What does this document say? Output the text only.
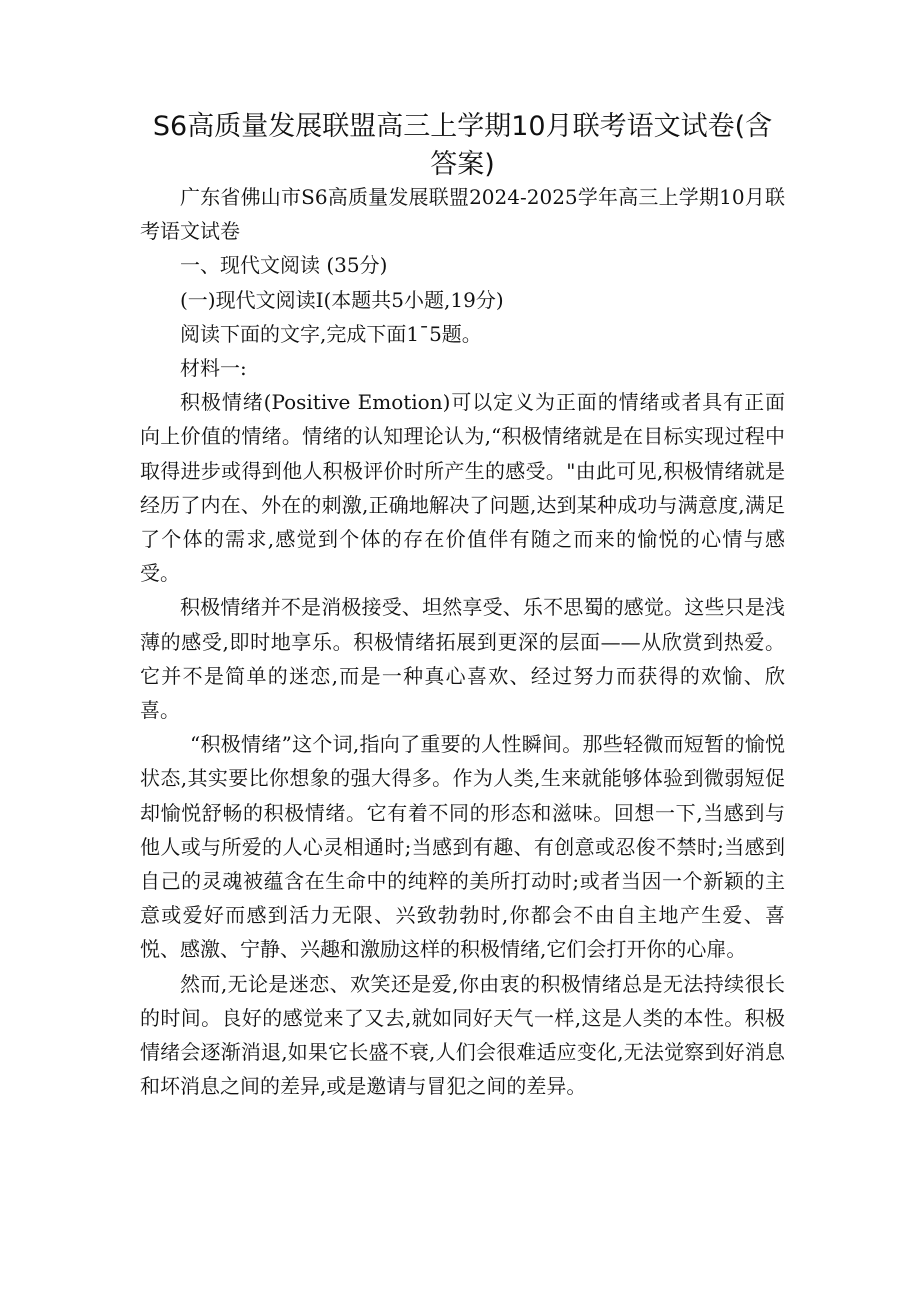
S6高质量发展联盟高三上学期10月联考语文试卷(含答案)

广东省佛山市S6高质量发展联盟2024-2025学年高三上学期10月联考语文试卷

一、现代文阅读 (35分)

(一)现代文阅读Ⅰ(本题共5小题,19分)

阅读下面的文字,完成下面1¯5题。

材料一:

积极情绪(Positive Emotion)可以定义为正面的情绪或者具有正面向上价值的情绪。情绪的认知理论认为,“积极情绪就是在目标实现过程中取得进步或得到他人积极评价时所产生的感受。"由此可见,积极情绪就是经历了内在、外在的刺激,正确地解决了问题,达到某种成功与满意度,满足了个体的需求,感觉到个体的存在价值伴有随之而来的愉悦的心情与感受。

积极情绪并不是消极接受、坦然享受、乐不思蜀的感觉。这些只是浅薄的感受,即时地享乐。积极情绪拓展到更深的层面——从欣赏到热爱。它并不是简单的迷恋,而是一种真心喜欢、经过努力而获得的欢愉、欣喜。

“积极情绪”这个词,指向了重要的人性瞬间。那些轻微而短暂的愉悦状态,其实要比你想象的强大得多。作为人类,生来就能够体验到微弱短促却愉悦舒畅的积极情绪。它有着不同的形态和滋味。回想一下,当感到与他人或与所爱的人心灵相通时;当感到有趣、有创意或忍俊不禁时;当感到自己的灵魂被蕴含在生命中的纯粹的美所打动时;或者当因一个新颖的主意或爱好而感到活力无限、兴致勃勃时,你都会不由自主地产生爱、喜悦、感激、宁静、兴趣和激励这样的积极情绪,它们会打开你的心扉。

然而,无论是迷恋、欢笑还是爱,你由衷的积极情绪总是无法持续很长的时间。良好的感觉来了又去,就如同好天气一样,这是人类的本性。积极情绪会逐渐消退,如果它长盛不衰,人们会很难适应变化,无法觉察到好消息和坏消息之间的差异,或是邀请与冒犯之间的差异。
